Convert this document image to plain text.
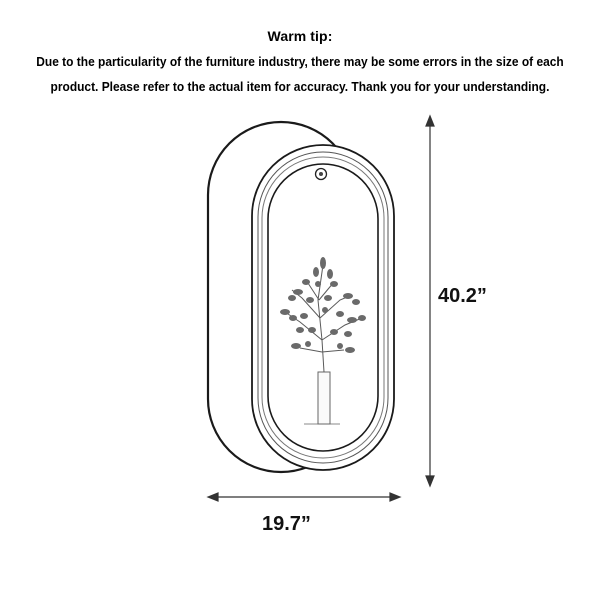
Warm tip:
Due to the particularity of the furniture industry, there may be some errors in the size of each
product. Please refer to the actual item for accuracy. Thank you for your understanding.
40.2”
19.7”
